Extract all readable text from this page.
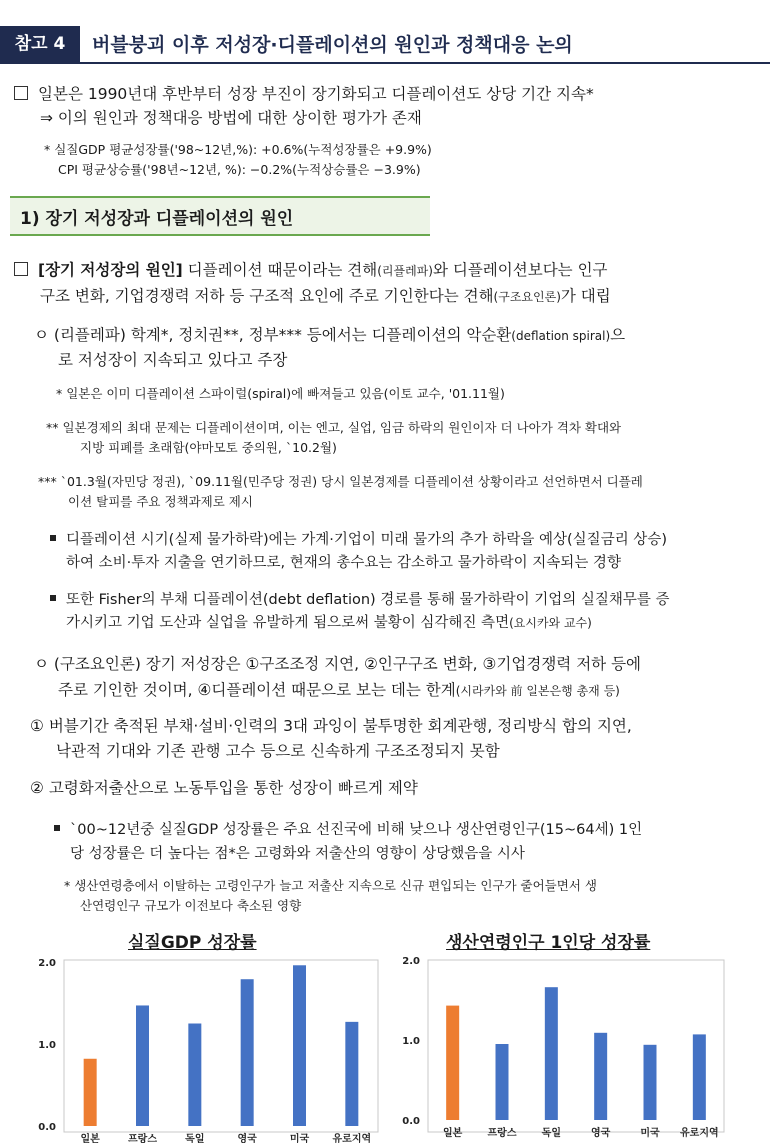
참고 4	버블붕괴 이후 저성장·디플레이션의 원인과 정책대응 논의
일본은 1990년대 후반부터 성장 부진이 장기화되고 디플레이션도 상당 기간 지속*
⇒ 이의 원인과 정책대응 방법에 대한 상이한 평가가 존재
* 실질GDP 평균성장률('98~12년,%): +0.6%(누적성장률은 +9.9%)
CPI 평균상승률('98년~12년, %): −0.2%(누적상승률은 −3.9%)
1) 장기 저성장과 디플레이션의 원인
[장기 저성장의 원인] 디플레이션 때문이라는 견해(리플레파)와 디플레이션보다는 인구
구조 변화, 기업경쟁력 저하 등 구조적 요인에 주로 기인한다는 견해(구조요인론)가 대립
ㅇ (리플레파) 학계*, 정치권**, 정부*** 등에서는 디플레이션의 악순환(deflation spiral)으
로 저성장이 지속되고 있다고 주장
* 일본은 이미 디플레이션 스파이럴(spiral)에 빠져들고 있음(이토 교수, '01.11월)
** 일본경제의 최대 문제는 디플레이션이며, 이는 엔고, 실업, 임금 하락의 원인이자 더 나아가 격차 확대와
지방 피폐를 초래함(야마모토 중의원, `10.2월)
*** `01.3월(자민당 정권), `09.11월(민주당 정권) 당시 일본경제를 디플레이션 상황이라고 선언하면서 디플레
이션 탈피를 주요 정책과제로 제시
디플레이션 시기(실제 물가하락)에는 가계·기업이 미래 물가의 추가 하락을 예상(실질금리 상승)
하여 소비·투자 지출을 연기하므로, 현재의 총수요는 감소하고 물가하락이 지속되는 경향
또한 Fisher의 부채 디플레이션(debt deflation) 경로를 통해 물가하락이 기업의 실질채무를 증
가시키고 기업 도산과 실업을 유발하게 됨으로써 불황이 심각해진 측면(요시카와 교수)
ㅇ (구조요인론) 장기 저성장은 ①구조조정 지연, ②인구구조 변화, ③기업경쟁력 저하 등에
주로 기인한 것이며, ④디플레이션 때문으로 보는 데는 한계(시라카와 前 일본은행 총재 등)
① 버블기간 축적된 부채·설비·인력의 3대 과잉이 불투명한 회계관행, 정리방식 합의 지연,
낙관적 기대와 기존 관행 고수 등으로 신속하게 구조조정되지 못함
② 고령화저출산으로 노동투입을 통한 성장이 빠르게 제약
`00~12년중 실질GDP 성장률은 주요 선진국에 비해 낮으나 생산연령인구(15~64세) 1인
당 성장률은 더 높다는 점*은 고령화와 저출산의 영향이 상당했음을 시사
* 생산연령층에서 이탈하는 고령인구가 늘고 저출산 지속으로 신규 편입되는 인구가 줄어들면서 생
산연령인구 규모가 이전보다 축소된 영향
실질GDP 성장률	생산연령인구 1인당 성장률
0.0
1.0
2.0
일본	프랑스	독일	영국	미국 유로지역
0.0
1.0
2.0
일본	프랑스	독일	영국	미국 유로지역
